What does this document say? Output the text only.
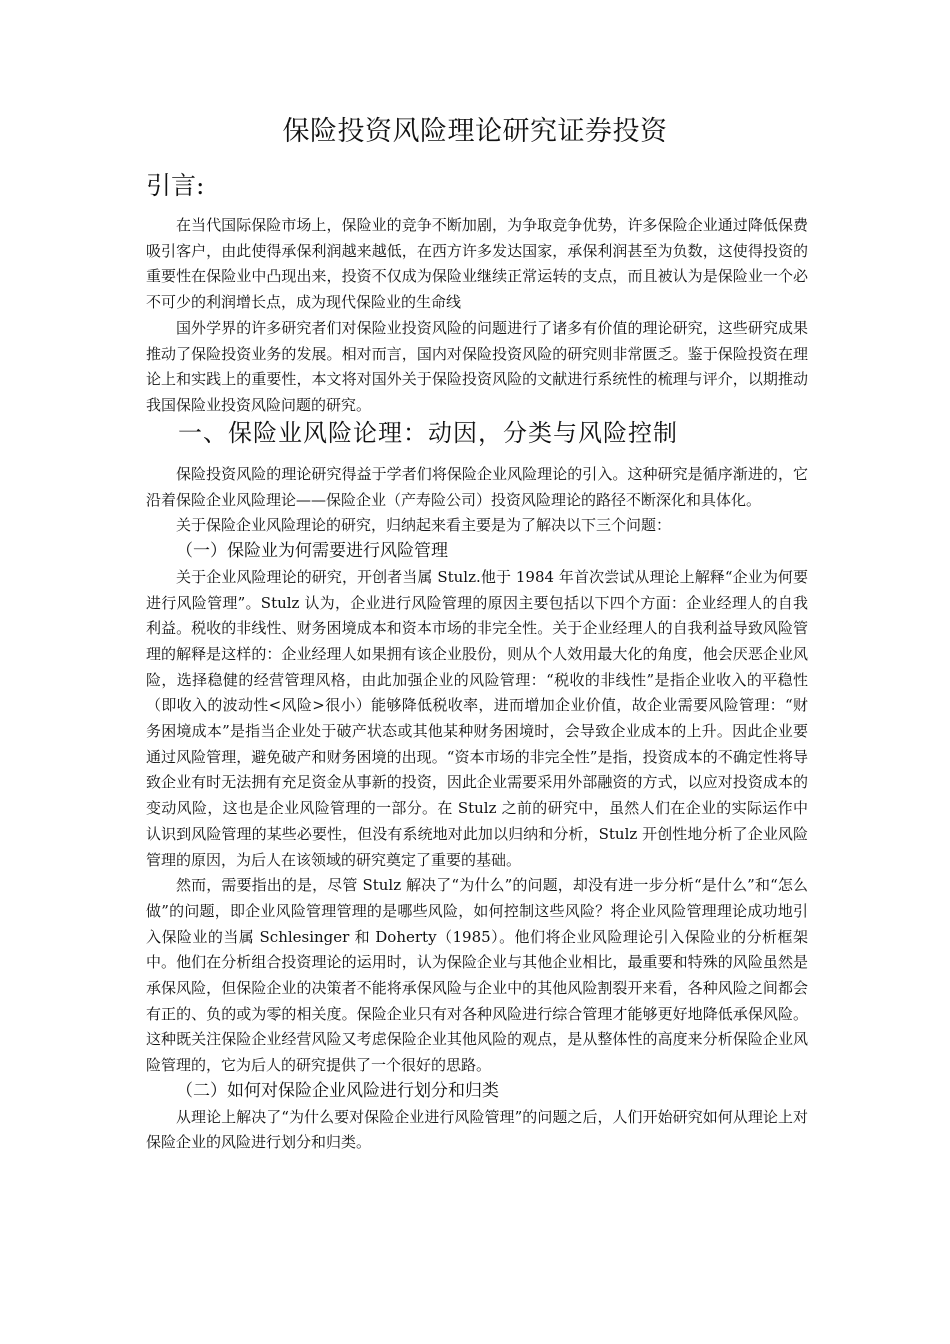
保险投资风险理论研究证券投资
引言:

在当代国际保险市场上，保险业的竞争不断加剧，为争取竞争优势，许多保险企业通过降低保费吸引客户，由此使得承保利润越来越低，在西方许多发达国家，承保利润甚至为负数，这使得投资的重要性在保险业中凸现出来，投资不仅成为保险业继续正常运转的支点，而且被认为是保险业一个必不可少的利润增长点，成为现代保险业的生命线

国外学界的许多研究者们对保险业投资风险的问题进行了诸多有价值的理论研究，这些研究成果推动了保险投资业务的发展。相对而言，国内对保险投资风险的研究则非常匮乏。鉴于保险投资在理论上和实践上的重要性，本文将对国外关于保险投资风险的文献进行系统性的梳理与评介，以期推动我国保险业投资风险问题的研究。

一、保险业风险论理：动因，分类与风险控制

保险投资风险的理论研究得益于学者们将保险企业风险理论的引入。这种研究是循序渐进的，它沿着保险企业风险理论——保险企业（产寿险公司）投资风险理论的路径不断深化和具体化。

关于保险企业风险理论的研究，归纳起来看主要是为了解决以下三个问题：

（一）保险业为何需要进行风险管理

关于企业风险理论的研究，开创者当属 Stulz.他于 1984 年首次尝试从理论上解释“企业为何要进行风险管理”。Stulz 认为，企业进行风险管理的原因主要包括以下四个方面：企业经理人的自我利益。税收的非线性、财务困境成本和资本市场的非完全性。关于企业经理人的自我利益导致风险管理的解释是这样的：企业经理人如果拥有该企业股份，则从个人效用最大化的角度，他会厌恶企业风险，选择稳健的经营管理风格，由此加强企业的风险管理：“税收的非线性”是指企业收入的平稳性（即收入的波动性<风险>很小）能够降低税收率，进而增加企业价值，故企业需要风险管理：“财务困境成本”是指当企业处于破产状态或其他某种财务困境时，会导致企业成本的上升。因此企业要通过风险管理，避免破产和财务困境的出现。“资本市场的非完全性”是指，投资成本的不确定性将导致企业有时无法拥有充足资金从事新的投资，因此企业需要采用外部融资的方式，以应对投资成本的变动风险，这也是企业风险管理的一部分。在 Stulz 之前的研究中，虽然人们在企业的实际运作中认识到风险管理的某些必要性，但没有系统地对此加以归纳和分析，Stulz 开创性地分析了企业风险管理的原因，为后人在该领域的研究奠定了重要的基础。

然而，需要指出的是，尽管 Stulz 解决了“为什么”的问题，却没有进一步分析“是什么”和“怎么做”的问题，即企业风险管理管理的是哪些风险，如何控制这些风险？将企业风险管理理论成功地引入保险业的当属 Schlesinger 和 Doherty（1985）。他们将企业风险理论引入保险业的分析框架中。他们在分析组合投资理论的运用时，认为保险企业与其他企业相比，最重要和特殊的风险虽然是承保风险，但保险企业的决策者不能将承保风险与企业中的其他风险割裂开来看，各种风险之间都会有正的、负的或为零的相关度。保险企业只有对各种风险进行综合管理才能够更好地降低承保风险。这种既关注保险企业经营风险又考虑保险企业其他风险的观点，是从整体性的高度来分析保险企业风险管理的，它为后人的研究提供了一个很好的思路。

（二）如何对保险企业风险进行划分和归类

从理论上解决了“为什么要对保险企业进行风险管理”的问题之后，人们开始研究如何从理论上对保险企业的风险进行划分和归类。
